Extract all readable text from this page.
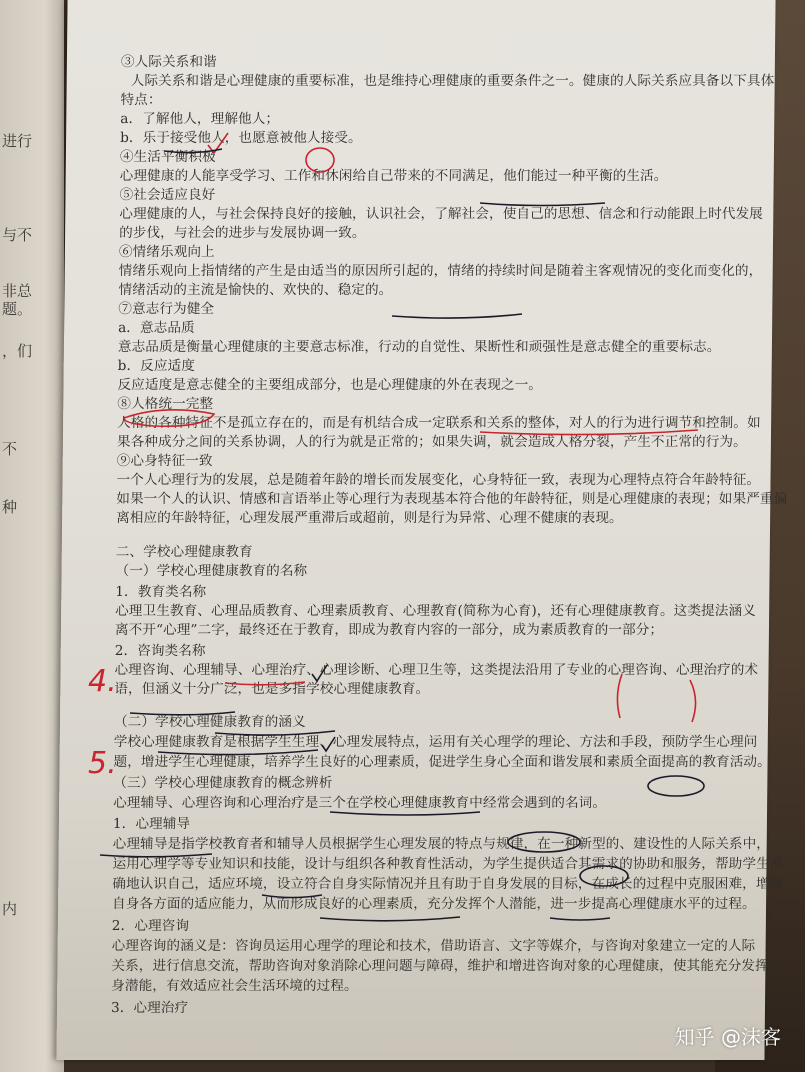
进行
与不
非总
题。
，们
不
种
内
③人际关系和谐
人际关系和谐是心理健康的重要标准，也是维持心理健康的重要条件之一。健康的人际关系应具备以下具体
特点：
a．了解他人，理解他人；
b．乐于接受他人，也愿意被他人接受。
④生活平衡积极
心理健康的人能享受学习、工作和休闲给自己带来的不同满足，他们能过一种平衡的生活。
⑤社会适应良好
心理健康的人，与社会保持良好的接触，认识社会，了解社会，使自己的思想、信念和行动能跟上时代发展
的步伐，与社会的进步与发展协调一致。
⑥情绪乐观向上
情绪乐观向上指情绪的产生是由适当的原因所引起的，情绪的持续时间是随着主客观情况的变化而变化的，
情绪活动的主流是愉快的、欢快的、稳定的。
⑦意志行为健全
a．意志品质
意志品质是衡量心理健康的主要意志标准，行动的自觉性、果断性和顽强性是意志健全的重要标志。
b．反应适度
反应适度是意志健全的主要组成部分，也是心理健康的外在表现之一。
⑧人格统一完整
人格的各种特征不是孤立存在的，而是有机结合成一定联系和关系的整体，对人的行为进行调节和控制。如
果各种成分之间的关系协调，人的行为就是正常的；如果失调，就会造成人格分裂，产生不正常的行为。
⑨心身特征一致
一个人心理行为的发展，总是随着年龄的增长而发展变化，心身特征一致，表现为心理特点符合年龄特征。
如果一个人的认识、情感和言语举止等心理行为表现基本符合他的年龄特征，则是心理健康的表现；如果严重偏
离相应的年龄特征，心理发展严重滞后或超前，则是行为异常、心理不健康的表现。
二、学校心理健康教育
（一）学校心理健康教育的名称
1．教育类名称
心理卫生教育、心理品质教育、心理素质教育、心理教育(简称为心育)，还有心理健康教育。这类提法涵义
离不开“心理”二字，最终还在于教育，即成为教育内容的一部分，成为素质教育的一部分；
2．咨询类名称
心理咨询、心理辅导、心理治疗、心理诊断、心理卫生等，这类提法沿用了专业的心理咨询、心理治疗的术
语，但涵义十分广泛，也是多指学校心理健康教育。
（二）学校心理健康教育的涵义
学校心理健康教育是根据学生生理、心理发展特点，运用有关心理学的理论、方法和手段，预防学生心理问
题，增进学生心理健康，培养学生良好的心理素质，促进学生身心全面和谐发展和素质全面提高的教育活动。
（三）学校心理健康教育的概念辨析
心理辅导、心理咨询和心理治疗是三个在学校心理健康教育中经常会遇到的名词。
1．心理辅导
心理辅导是指学校教育者和辅导人员根据学生心理发展的特点与规律，在一种新型的、建设性的人际关系中，
运用心理学等专业知识和技能，设计与组织各种教育性活动，为学生提供适合其需求的协助和服务，帮助学生准
确地认识自己，适应环境，设立符合自身实际情况并且有助于自身发展的目标，在成长的过程中克服困难，增强
自身各方面的适应能力，从而形成良好的心理素质，充分发挥个人潜能，进一步提高心理健康水平的过程。
2．心理咨询
心理咨询的涵义是：咨询员运用心理学的理论和技术，借助语言、文字等媒介，与咨询对象建立一定的人际
关系，进行信息交流，帮助咨询对象消除心理问题与障碍，维护和增进咨询对象的心理健康，使其能充分发挥自
身潜能，有效适应社会生活环境的过程。
3．心理治疗
4.
5.
知乎 @沫客
